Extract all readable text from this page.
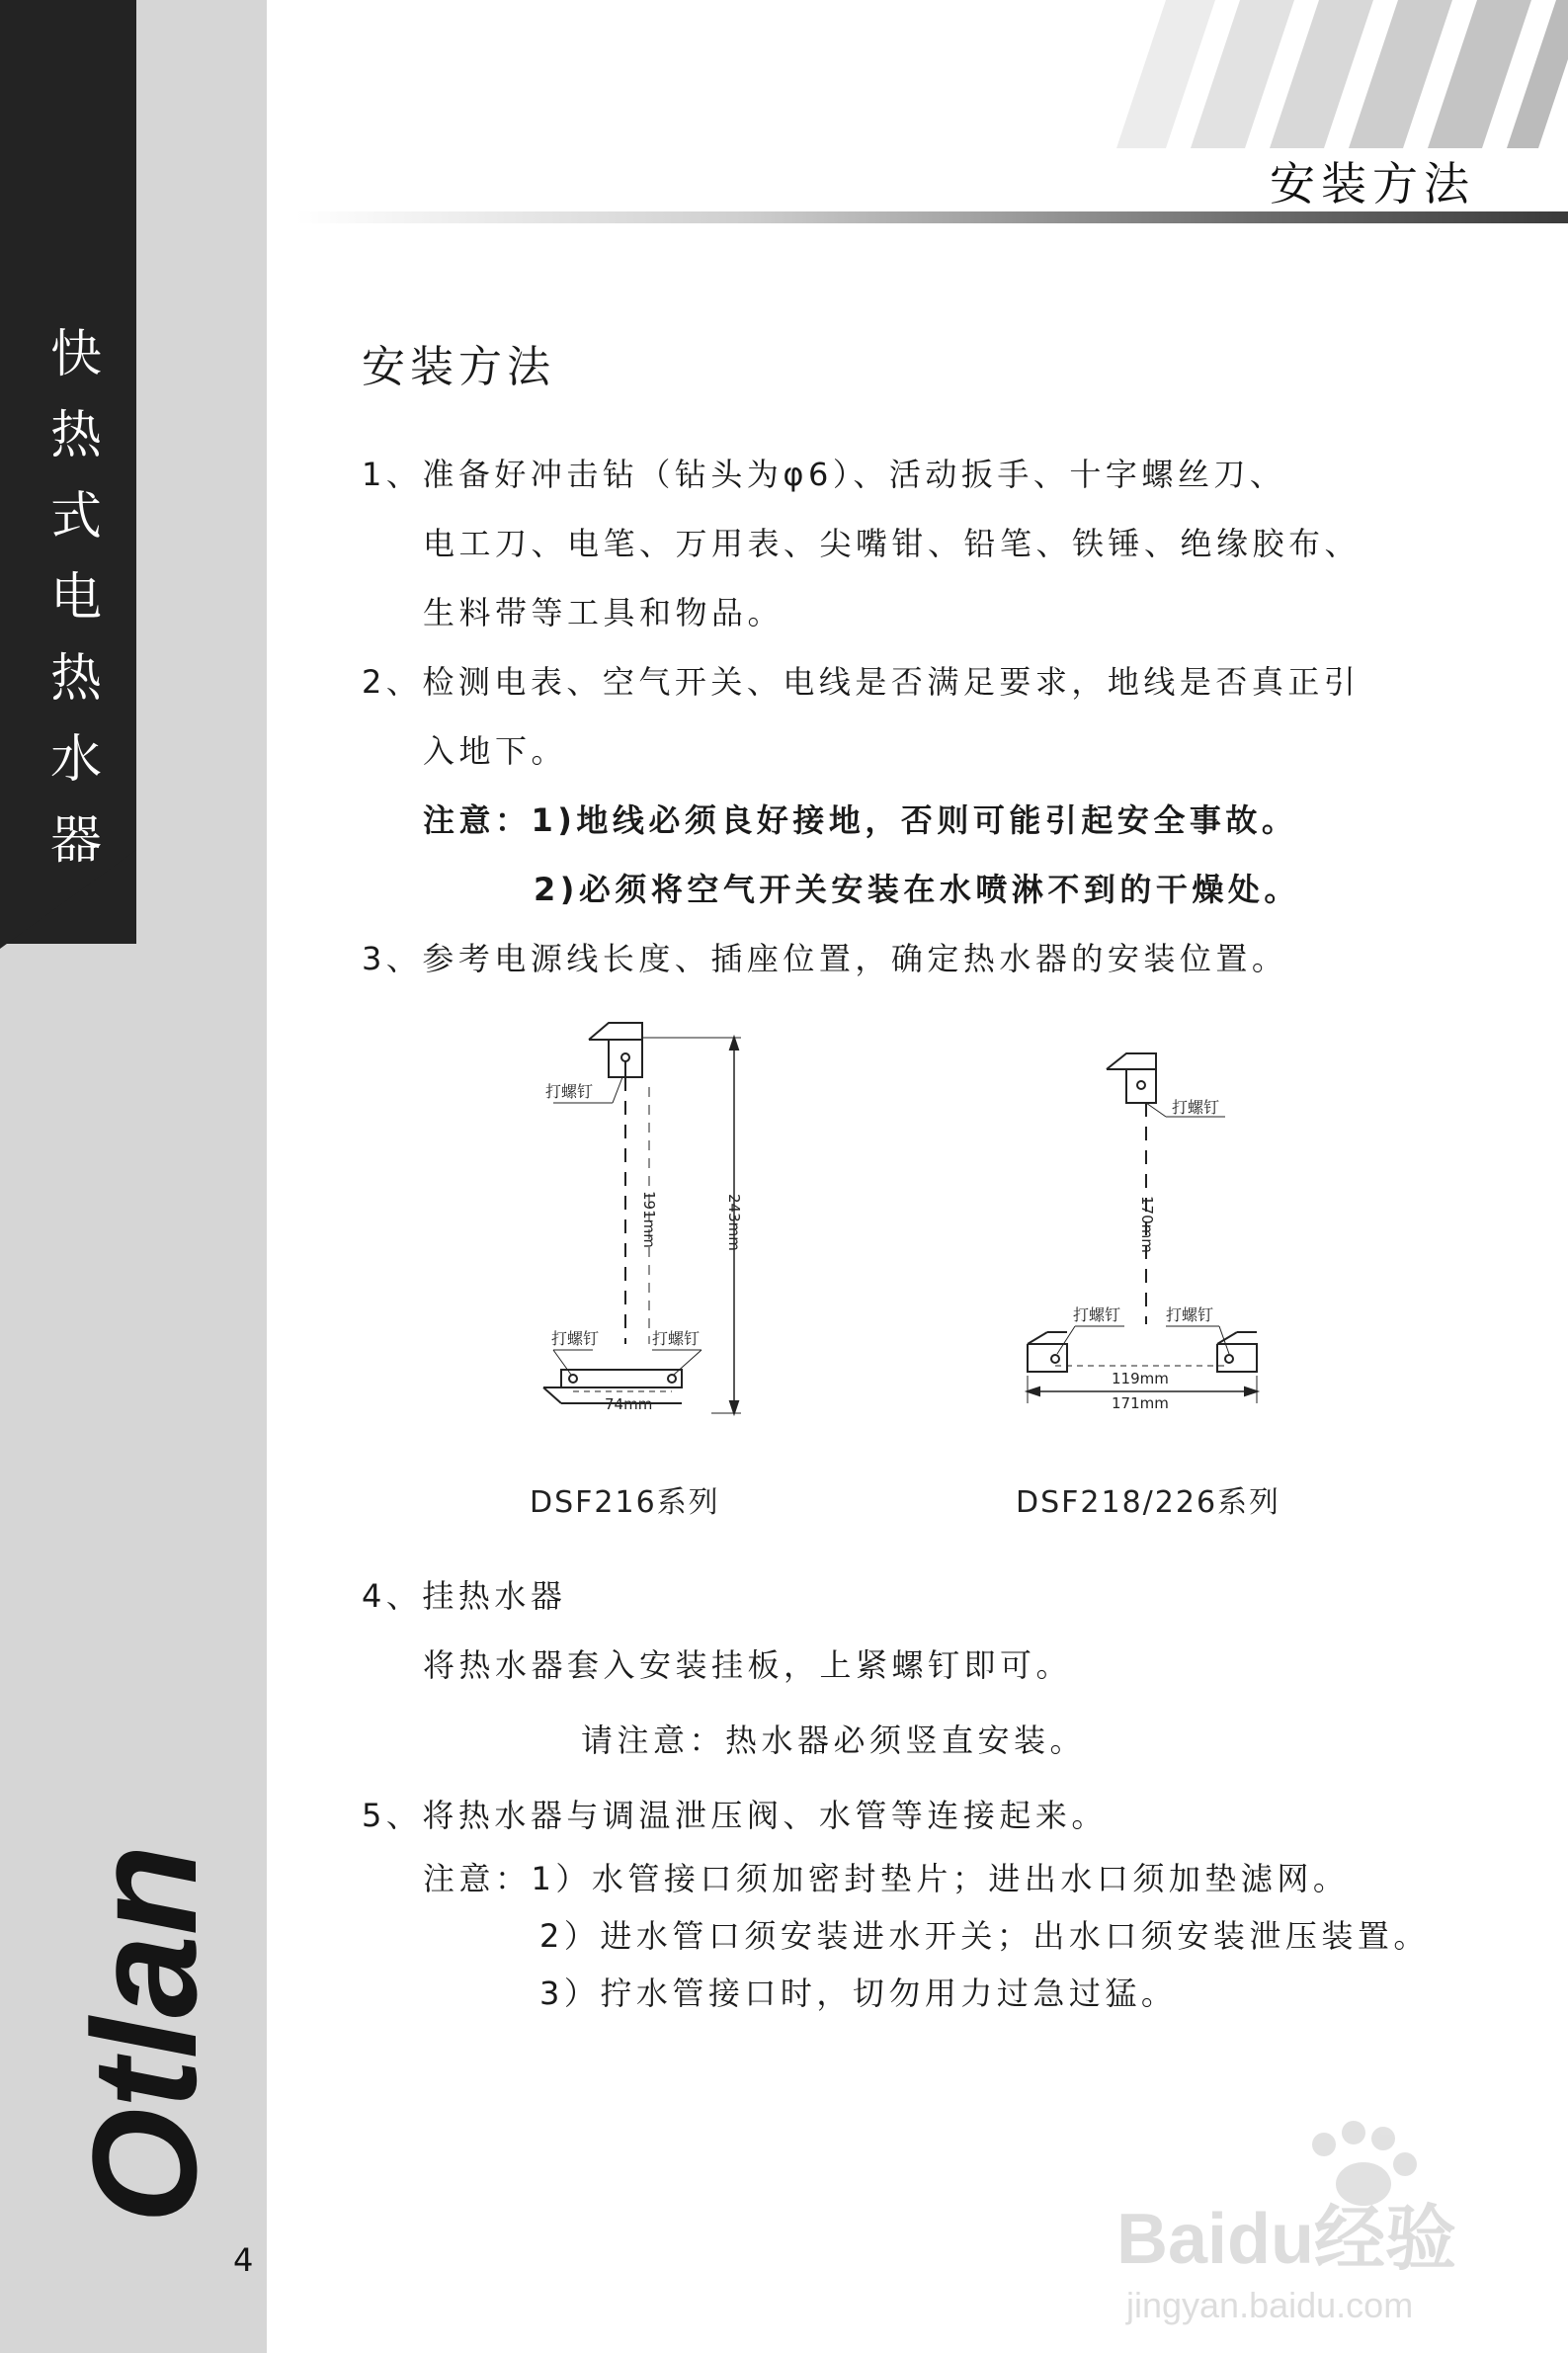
快
热
式
电
热
水
器
Otlan
4
安装方法
安装方法
1、准备好冲击钻（钻头为φ6）、活动扳手、十字螺丝刀、
电工刀、电笔、万用表、尖嘴钳、铅笔、铁锤、绝缘胶布、
生料带等工具和物品。
2、检测电表、空气开关、电线是否满足要求，地线是否真正引
入地下。
注意：1)地线必须良好接地，否则可能引起安全事故。
2)必须将空气开关安装在水喷淋不到的干燥处。
3、参考电源线长度、插座位置，确定热水器的安装位置。
打螺钉
打螺钉	打螺钉
191mm	243mm
74mm
打螺钉
打螺钉	打螺钉
170mm
119mm
171mm
DSF216系列	DSF218/226系列
4、挂热水器
将热水器套入安装挂板，上紧螺钉即可。
请注意：热水器必须竖直安装。
5、将热水器与调温泄压阀、水管等连接起来。
注意：1）水管接口须加密封垫片；进出水口须加垫滤网。
2）进水管口须安装进水开关；出水口须安装泄压装置。
3）拧水管接口时，切勿用力过急过猛。
Baidu经验
jingyan.baidu.com
